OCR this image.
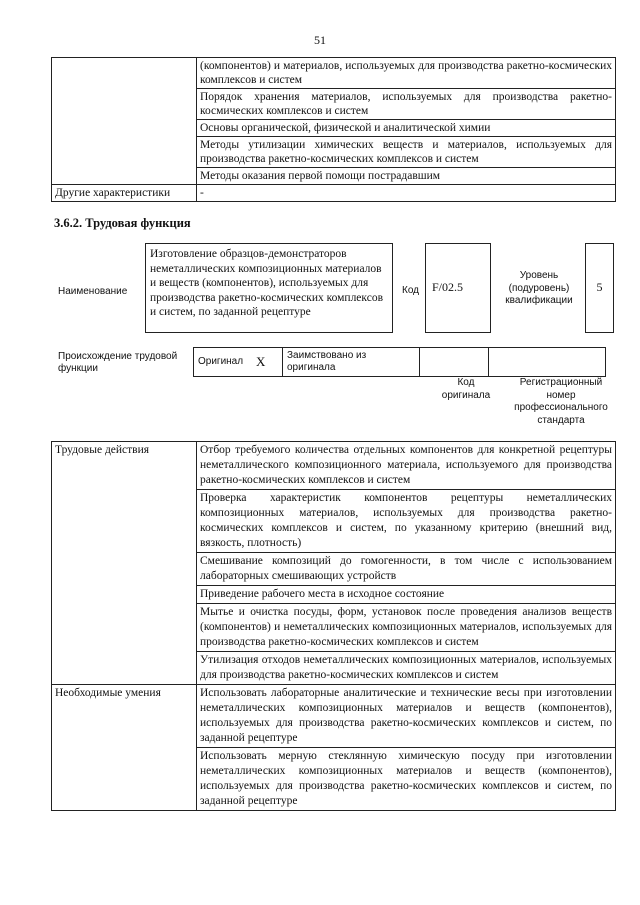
51
	(компонентов) и материалов, используемых для производства ракетно-космических комплексов и систем
	Порядок хранения материалов, используемых для производства ракетно-космических комплексов и систем
	Основы органической, физической и аналитической химии
	Методы утилизации химических веществ и материалов, используемых для производства ракетно-космических комплексов и систем
	Методы оказания первой помощи пострадавшим
Другие характеристики	-
3.6.2. Трудовая функция
Наименование
Изготовление образцов-демонстраторов неметаллических композиционных материалов и веществ (компонентов), используемых для производства ракетно-космических комплексов и систем, по заданной рецептуре
Код	F/02.5
Уровень (подуровень) квалификации
5
Происхождение трудовой функции
Оригинал	X	Заимствовано из оригинала		
Код оригинала
Регистрационный номер профессионального стандарта
Трудовые действия	Отбор требуемого количества отдельных компонентов для конкретной рецептуры неметаллического композиционного материала, используемого для производства ракетно-космических комплексов и систем
	Проверка характеристик компонентов рецептуры неметаллических композиционных материалов, используемых для производства ракетно-космических комплексов и систем, по указанному критерию (внешний вид, вязкость, плотность)
	Смешивание композиций до гомогенности, в том числе с использованием лабораторных смешивающих устройств
	Приведение рабочего места в исходное состояние
	Мытье и очистка посуды, форм, установок после проведения анализов веществ (компонентов) и неметаллических композиционных материалов, используемых для производства ракетно-космических комплексов и систем
	Утилизация отходов неметаллических композиционных материалов, используемых для производства ракетно-космических комплексов и систем
Необходимые умения	Использовать лабораторные аналитические и технические весы при изготовлении неметаллических композиционных материалов и веществ (компонентов), используемых для производства ракетно-космических комплексов и систем, по заданной рецептуре
	Использовать мерную стеклянную химическую посуду при изготовлении неметаллических композиционных материалов и веществ (компонентов), используемых для производства ракетно-космических комплексов и систем, по заданной рецептуре
